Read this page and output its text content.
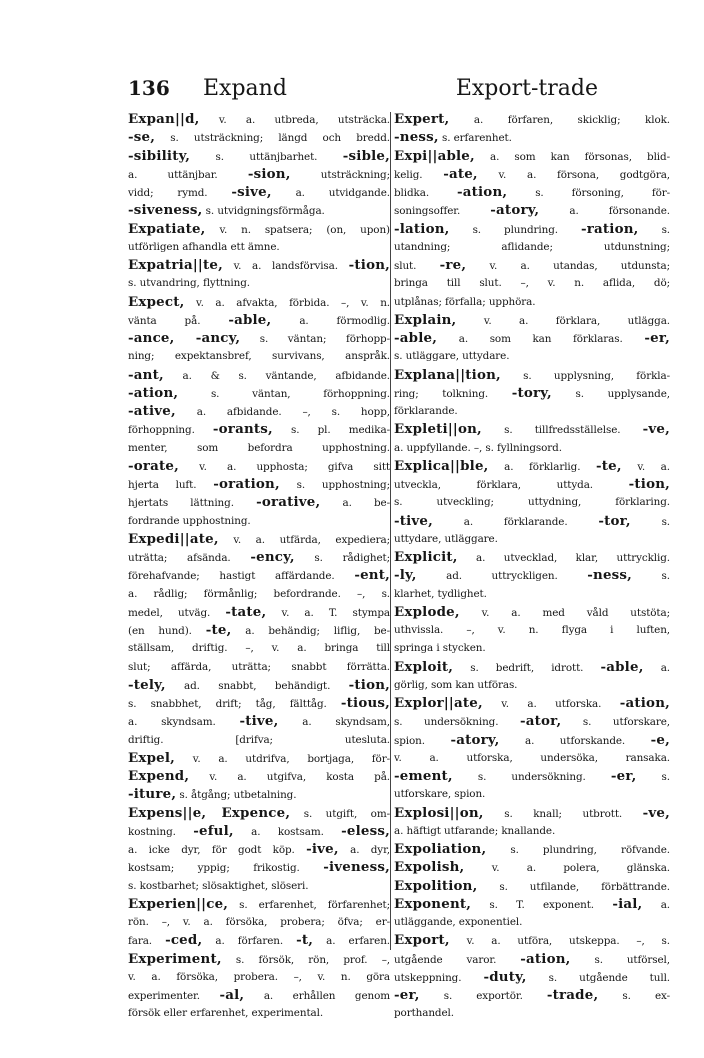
136 Expand	Export-trade
Expan||d, v. a. utbreda, utsträcka.
-se, s. utsträckning; längd och bredd.
-sibility, s. uttänjbarhet. -sible,
a. uttänjbar. -sion, utsträckning;
vidd; rymd. -sive, a. utvidgande.
-siveness, s. utvidgningsförmåga.
Expatiate, v. n. spatsera; (on, upon)
utförligen afhandla ett ämne.
Expatria||te, v. a. landsförvisa. -tion,
s. utvandring, flyttning.
Expect, v. a. afvakta, förbida. –, v. n.
vänta på. -able, a. förmodlig.
-ance, -ancy, s. väntan; förhopp-
ning; expektansbref, survivans, anspråk.
-ant, a. & s. väntande, afbidande.
-ation, s. väntan, förhoppning.
-ative, a. afbidande. –, s. hopp,
förhoppning. -orants, s. pl. medika-
menter, som befordra upphostning.
-orate, v. a. upphosta; gifva sitt
hjerta luft. -oration, s. upphostning;
hjertats lättning. -orative, a. be-
fordrande upphostning.
Expedi||ate, v. a. utfärda, expediera;
uträtta; afsända. -ency, s. rådighet;
förehafvande; hastigt affärdande. -ent,
a. rådlig; förmånlig; befordrande. –, s.
medel, utväg. -tate, v. a. T. stympa
(en hund). -te, a. behändig; liflig, be-
ställsam, driftig. –, v. a. bringa till
slut; affärda, uträtta; snabbt förrätta.
-tely, ad. snabbt, behändigt. -tion,
s. snabbhet, drift; tåg, fälttåg. -tious,
a. skyndsam. -tive, a. skyndsam,
driftig. [drifva; utesluta.
Expel, v. a. utdrifva, bortjaga, för-
Expend, v. a. utgifva, kosta på.
-iture, s. åtgång; utbetalning.
Expens||e, Expence, s. utgift, om-
kostning. -eful, a. kostsam. -eless,
a. icke dyr, för godt köp. -ive, a. dyr,
kostsam; yppig; frikostig. -iveness,
s. kostbarhet; slösaktighet, slöseri.
Experien||ce, s. erfarenhet, förfarenhet;
rön. –, v. a. försöka, probera; öfva; er-
fara. -ced, a. förfaren. -t, a. erfaren.
Experiment, s. försök, rön, prof. –,
v. a. försöka, probera. –, v. n. göra
experimenter. -al, a. erhållen genom
försök eller erfarenhet, experimental.
Expert, a. förfaren, skicklig; klok.
-ness, s. erfarenhet.
Expi||able, a. som kan försonas, blid-
kelig. -ate, v. a. försona, godtgöra,
blidka. -ation, s. försoning, för-
soningsoffer. -atory, a. försonande.
-lation, s. plundring. -ration, s.
utandning; aflidande; utdunstning;
slut. -re, v. a. utandas, utdunsta;
bringa till slut. –, v. n. aflida, dö;
utplånas; förfalla; upphöra.
Explain, v. a. förklara, utlägga.
-able, a. som kan förklaras. -er,
s. utläggare, uttydare.
Explana||tion, s. upplysning, förkla-
ring; tolkning. -tory, s. upplysande,
förklarande.
Expleti||on, s. tillfredsställelse. -ve,
a. uppfyllande. –, s. fyllningsord.
Explica||ble, a. förklarlig. -te, v. a.
utveckla, förklara, uttyda. -tion,
s. utveckling; uttydning, förklaring.
-tive, a. förklarande. -tor, s.
uttydare, utläggare.
Explicit, a. utvecklad, klar, uttrycklig.
-ly, ad. uttryckligen. -ness, s.
klarhet, tydlighet.
Explode, v. a. med våld utstöta;
uthvissla. –, v. n. flyga i luften,
springa i stycken.
Exploit, s. bedrift, idrott. -able, a.
görlig, som kan utföras.
Explor||ate, v. a. utforska. -ation,
s. undersökning. -ator, s. utforskare,
spion. -atory, a. utforskande. -e,
v. a. utforska, undersöka, ransaka.
-ement, s. undersökning. -er, s.
utforskare, spion.
Explosi||on, s. knall; utbrott. -ve,
a. häftigt utfarande; knallande.
Expoliation, s. plundring, röfvande.
Expolish, v. a. polera, glänska.
Expolition, s. utfilande, förbättrande.
Exponent, s. T. exponent. -ial, a.
utläggande, exponentiel.
Export, v. a. utföra, utskeppa. –, s.
utgående varor. -ation, s. utförsel,
utskeppning. -duty, s. utgående tull.
-er, s. exportör. -trade, s. ex-
porthandel.
